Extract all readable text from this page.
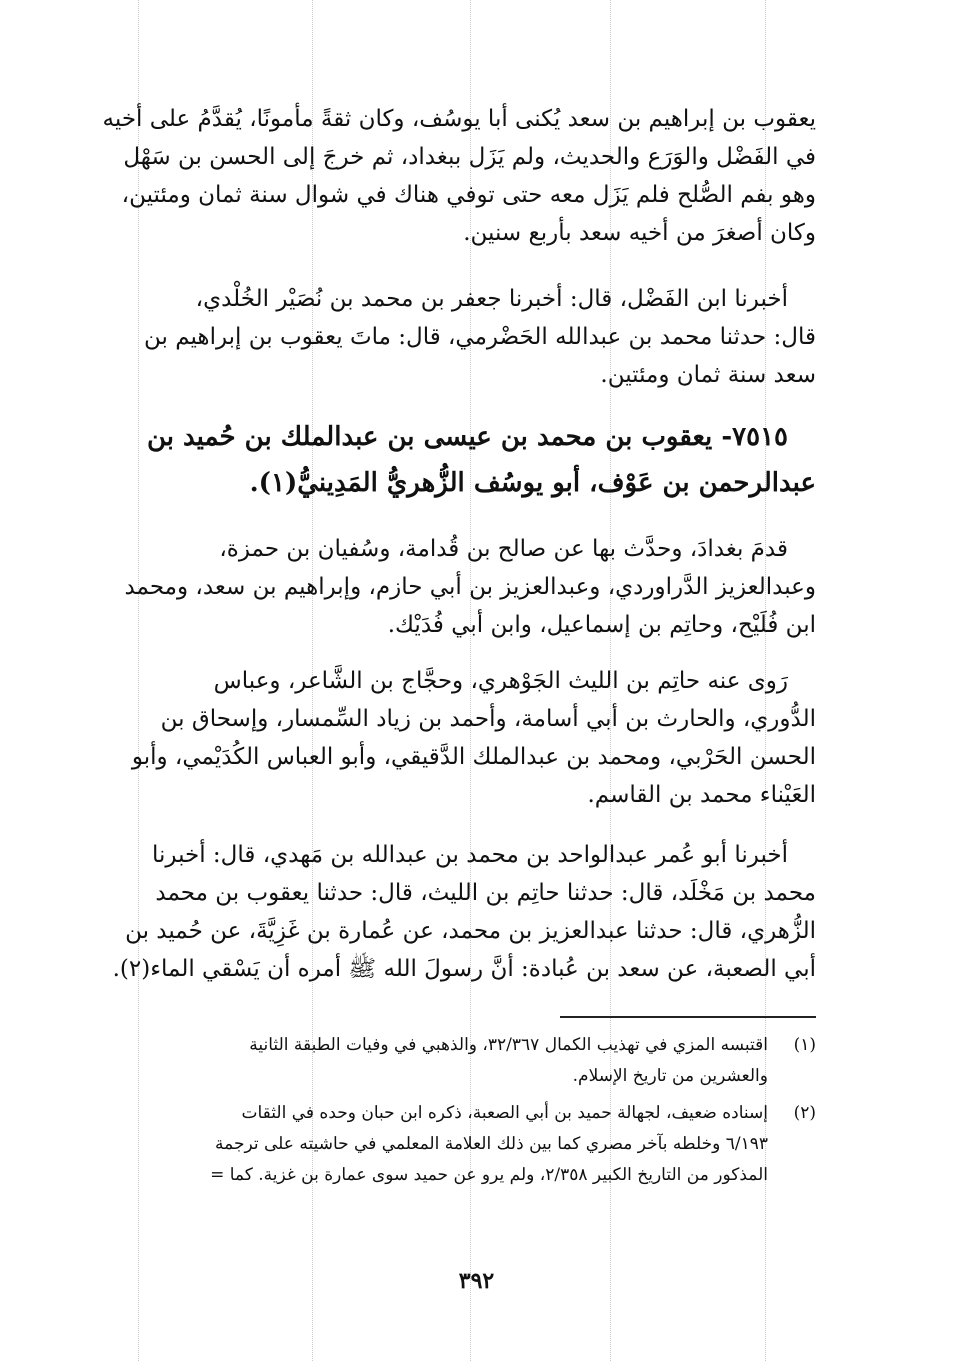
يعقوب بن إبراهيم بن سعد يُكنى أبا يوسُف، وكان ثقةً مأمونًا، يُقدَّمُ على أخيه
في الفَضْل والوَرَع والحديث، ولم يَزَل ببغداد، ثم خرجَ إلى الحسن بن سَهْل
وهو بفم الصُّلح فلم يَزَل معه حتى توفي هناك في شوال سنة ثمان ومئتين،
وكان أصغرَ من أخيه سعد بأربع سنين.
أخبرنا ابن الفَضْل، قال: أخبرنا جعفر بن محمد بن نُصَيْر الخُلْدي،
قال: حدثنا محمد بن عبدالله الحَضْرمي، قال: ماتَ يعقوب بن إبراهيم بن
سعد سنة ثمان ومئتين.
٧٥١٥- يعقوب بن محمد بن عيسى بن عبدالملك بن حُميد بن
عبدالرحمن بن عَوْف، أبو يوسُف الزُّهريُّ المَدِينيُّ(١).
قدمَ بغدادَ، وحدَّث بها عن صالح بن قُدامة، وسُفيان بن حمزة،
وعبدالعزيز الدَّراوردي، وعبدالعزيز بن أبي حازم، وإبراهيم بن سعد، ومحمد
ابن فُلَيْح، وحاتِم بن إسماعيل، وابن أبي فُدَيْك.
رَوى عنه حاتِم بن الليث الجَوْهري، وحجَّاج بن الشَّاعر، وعباس
الدُّوري، والحارث بن أبي أسامة، وأحمد بن زياد السِّمسار، وإسحاق بن
الحسن الحَرْبي، ومحمد بن عبدالملك الدَّقيقي، وأبو العباس الكُدَيْمي، وأبو
العَيْناء محمد بن القاسم.
أخبرنا أبو عُمر عبدالواحد بن محمد بن عبدالله بن مَهدي، قال: أخبرنا
محمد بن مَخْلَد، قال: حدثنا حاتِم بن الليث، قال: حدثنا يعقوب بن محمد
الزُّهري، قال: حدثنا عبدالعزيز بن محمد، عن عُمارة بن غَزِيَّةَ، عن حُميد بن
أبي الصعبة، عن سعد بن عُبادة: أنَّ رسولَ الله ﷺ أمره أن يَسْقي الماء(٢).
(١)
اقتبسه المزي في تهذيب الكمال ٣٢/٣٦٧، والذهبي في وفيات الطبقة الثانية
والعشرين من تاريخ الإسلام.
(٢)
إسناده ضعيف، لجهالة حميد بن أبي الصعبة، ذكره ابن حبان وحده في الثقات
٦/١٩٣ وخلطه بآخر مصري كما بين ذلك العلامة المعلمي في حاشيته على ترجمة
المذكور من التاريخ الكبير ٢/٣٥٨، ولم يرو عن حميد سوى عمارة بن غزية. كما =
٣٩٢
